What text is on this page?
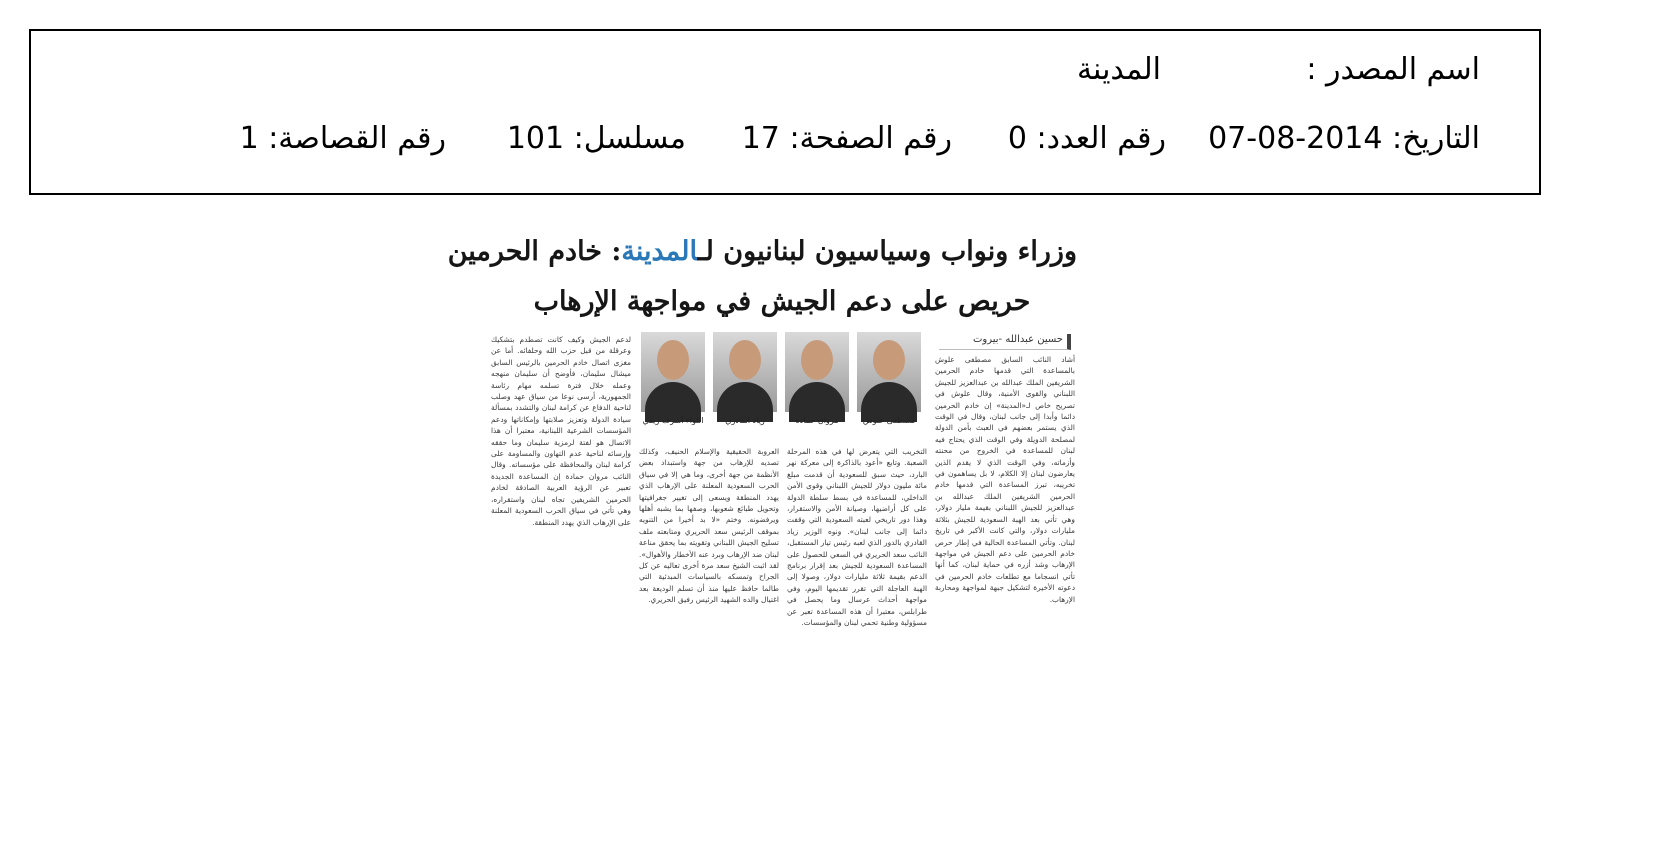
اسم المصدر :
المدينة
التاريخ: 2014-08-07
رقم العدد: 0
رقم الصفحة: 17
مسلسل: 101
رقم القصاصة: 1
وزراء ونواب وسياسيون لبنانيون لـالمدينة: خادم الحرمين
حريص على دعم الجيش في مواجهة الإرهاب
حسين عبدالله -بيروت
مصطفى علوش
مروان حمادة
زياد القادري
اللواء أشرف ريفي
أشاد النائب السابق مصطفى علوش بالمساعدة التي قدمها خادم الحرمين الشريفين الملك عبدالله بن عبدالعزيز للجيش اللبناني والقوى الأمنية، وقال علوش في تصريح خاص لـ«المدينة» إن خادم الحرمين دائما وأبدا إلى جانب لبنان، وقال في الوقت الذي يستمر بعضهم في العبث بأمن الدولة لمصلحة الدويلة وفي الوقت الذي يحتاج فيه لبنان للمساعدة في الخروج من محنته وأزماته، وفي الوقت الذي لا يقدم الذين يعارضون لبنان إلا الكلام، لا بل يساهمون في تخريبه، تبرز المساعدة التي قدمها خادم الحرمين الشريفين الملك عبدالله بن عبدالعزيز للجيش اللبناني بقيمة مليار دولار، وهي تأتي بعد الهبة السعودية للجيش بثلاثة مليارات دولار، والتي كانت الأكبر في تاريخ لبنان. وتأتي المساعدة الحالية في إطار حرص خادم الحرمين على دعم الجيش في مواجهة الإرهاب وشد أزره في حماية لبنان، كما أنها تأتي انسجاما مع تطلعات خادم الحرمين في دعوته الأخيرة لتشكيل جبهة لمواجهة ومحاربة الإرهاب.
التخريب التي يتعرض لها في هذه المرحلة الصعبة. وتابع «أعود بالذاكرة إلى معركة نهر البارد، حيث سبق للسعودية أن قدمت مبلغ مائة مليون دولار للجيش اللبناني وقوى الأمن الداخلي، للمساعدة في بسط سلطة الدولة على كل أراضيها، وصيانة الأمن والاستقرار، وهذا دور تاريخي لعبته السعودية التي وقفت دائما إلى جانب لبنان». ونوه الوزير زياد القادري بالدور الذي لعبه رئيس تيار المستقبل، النائب سعد الحريري في السعي للحصول على المساعدة السعودية للجيش بعد إقرار برنامج الدعم بقيمة ثلاثة مليارات دولار، وصولا إلى الهبة العاجلة التي تقرر تقديمها اليوم، وفي مواجهة أحداث عرسال وما يحصل في طرابلس، معتبرا أن هذه المساعدة تعبر عن مسؤولية وطنية تحمي لبنان والمؤسسات.
العروبة الحقيقية والإسلام الحنيف، وكذلك تصديه للإرهاب من جهة واستبداد بعض الأنظمة من جهة أخرى، وما هي إلا في سياق الحرب السعودية المعلنة على الإرهاب الذي يهدد المنطقة ويسعى إلى تغيير جغرافيتها وتحويل طبائع شعوبها، وصفها بما يشبه أهلها ويرفضونه. وختم «لا بد أخيرا من التنويه بموقف الرئيس سعد الحريري ومتابعته ملف تسليح الجيش اللبناني وتقويته بما يحقق مناعة لبنان ضد الإرهاب وبرد عنه الأخطار والأهوال». لقد اثبت الشيخ سعد مرة أخرى تعاليه عن كل الجراح وتمسكه بالسياسات المبدئية التي طالما حافظ عليها منذ أن تسلم الوديعة بعد اغتيال والده الشهيد الرئيس رفيق الحريري.
لدعم الجيش وكيف كانت تصطدم بتشكيك وعرقلة من قبل حزب الله وحلفائه. أما عن مغزى اتصال خادم الحرمين بالرئيس السابق ميشال سليمان، فأوضح أن سليمان منهجه وعمله خلال فترة تسلمه مهام رئاسة الجمهورية، أرسى نوعا من سياق عهد وصلب لناحية الدفاع عن كرامة لبنان والتشدد بمسألة سيادة الدولة وتعزيز صلابتها وإمكاناتها ودعم المؤسسات الشرعية اللبنانية، معتبرا أن هذا الاتصال هو لفتة لرمزية سليمان وما حققه وإرسائه لناحية عدم التهاون والمساومة على كرامة لبنان والمحافظة على مؤسساته. وقال النائب مروان حمادة إن المساعدة الجديدة تعبير عن الرؤية العربية الصادقة لخادم الحرمين الشريفين تجاه لبنان واستقراره، وهي تأتي في سياق الحرب السعودية المعلنة على الإرهاب الذي يهدد المنطقة.
